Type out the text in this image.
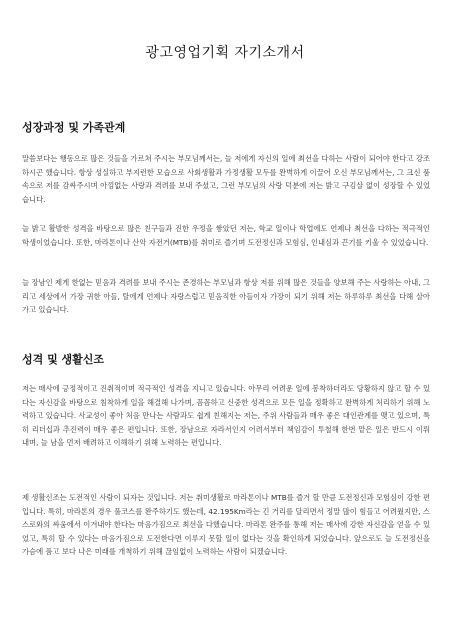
광고영업기획 자기소개서
성장과정 및 가족관계

말씀보다는 행동으로 많은 것들을 가르쳐 주시는 부모님께서는, 늘 저에게 자신의 일에 최선을 다하는 사람이 되어야 한다고 강조하시곤 했습니다. 항상 성실하고 부지런한 모습으로 사회생활과 가정생활 모두를 완벽하게 이끌어 오신 부모님께서는, 그 크신 품속으로 저를 감싸주시며 아낌없는 사랑과 격려를 보내 주셨고, 그런 부모님의 사랑 덕분에 저는 밝고 구김살 없이 성장할 수 있었습니다.

늘 밝고 활발한 성격을 바탕으로 많은 친구들과 진한 우정을 쌓았던 저는, 학교 일이나 학업에도 언제나 최선을 다하는 적극적인 학생이었습니다. 또한, 마라톤이나 산악 자전거(MTB)를 취미로 즐기며 도전정신과 모험심, 인내심과 끈기를 키울 수 있었습니다.

늘 장남인 제게 한없는 믿음과 격려를 보내 주시는 존경하는 부모님과 항상 저를 위해 많은 것들을 양보해 주는 사랑하는 아내, 그리고 세상에서 가장 귀한 아들, 탈에게 언제나 자랑스럽고 믿음직한 아들이자 가장이 되기 위해 저는 하루하루 최선을 다해 살아가고 있습니다.

성격 및 생활신조

저는 매사에 긍정적이고 진취적이며 적극적인 성격을 지니고 있습니다. 아무리 어려운 일에 봉착하더라도 당황하지 않고 할 수 있다는 자신감을 바탕으로 침착하게 일을 해결해 나가며, 꼼꼼하고 신중한 성격으로 모든 일을 정확하고 완벽하게 처리하기 위해 노력하고 있습니다. 사교성이 좋아 처음 만나는 사람과도 쉽게 친해지는 저는, 주위 사람들과 매우 좋은 대인관계를 맺고 있으며, 특히 리더십과 추진력이 매우 좋은 편입니다. 또한, 장남으로 자라서인지 어려서부터 책임감이 투철해 한번 맡은 일은 반드시 이뤄내며, 늘 남을 먼저 배려하고 이해하기 위해 노력하는 편입니다.

제 생활신조는 도전적인 사람이 되자는 것입니다. 저는 취미생활로 마라톤이나 MTB를 즐겨 할 만큼 도전정신과 모험심이 강한 편입니다. 특히, 마라톤의 경우 풀코스를 완주하기도 했는데, 42.195Km라는 긴 거리를 달리면서 정말 많이 힘들고 어려웠지만, 스스로와의 싸움에서 이겨내야 한다는 마음가짐으로 최선을 다했습니다. 마라톤 완주를 통해 저는 매사에 강한 자신감을 얻을 수 있었고, 특히 할 수 있다는 마음가짐으로 도전한다면 이루지 못할 일이 없다는 것을 확인하게 되었습니다. 앞으로도 늘 도전정신을 가슴에 품고 보다 나은 미래를 개척하기 위해 끊임없이 노력하는 사람이 되겠습니다.
